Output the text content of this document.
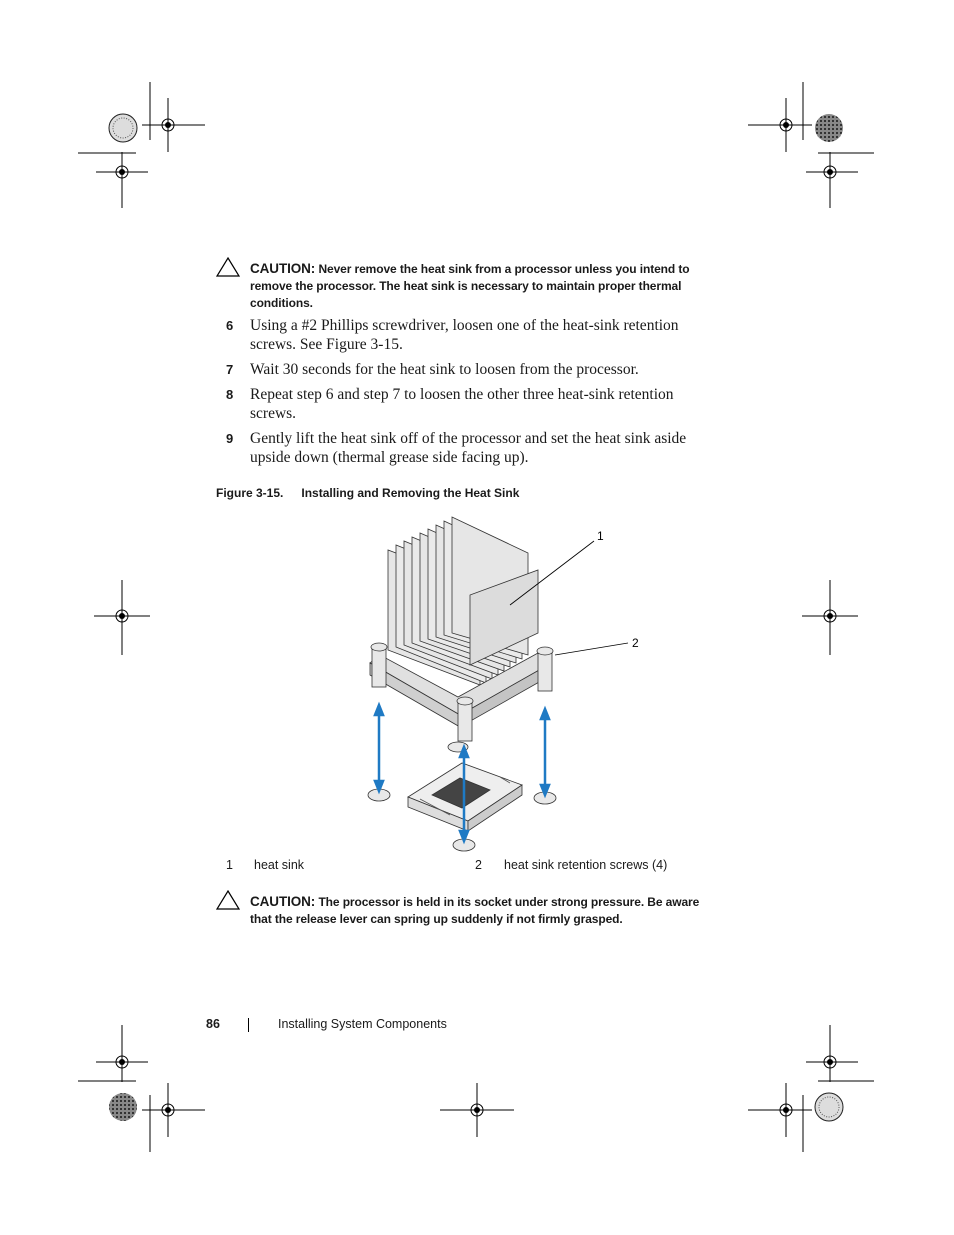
CAUTION: Never remove the heat sink from a processor unless you intend to remove the processor. The heat sink is necessary to maintain proper thermal conditions.
6 Using a #2 Phillips screwdriver, loosen one of the heat-sink retention screws. See Figure 3-15.
7 Wait 30 seconds for the heat sink to loosen from the processor.
8 Repeat step 6 and step 7 to loosen the other three heat-sink retention screws.
9 Gently lift the heat sink off of the processor and set the heat sink aside upside down (thermal grease side facing up).
Figure 3-15. Installing and Removing the Heat Sink
1
2
1 heat sink	2 heat sink retention screws (4)
CAUTION: The processor is held in its socket under strong pressure. Be aware that the release lever can spring up suddenly if not firmly grasped.
86	Installing System Components
